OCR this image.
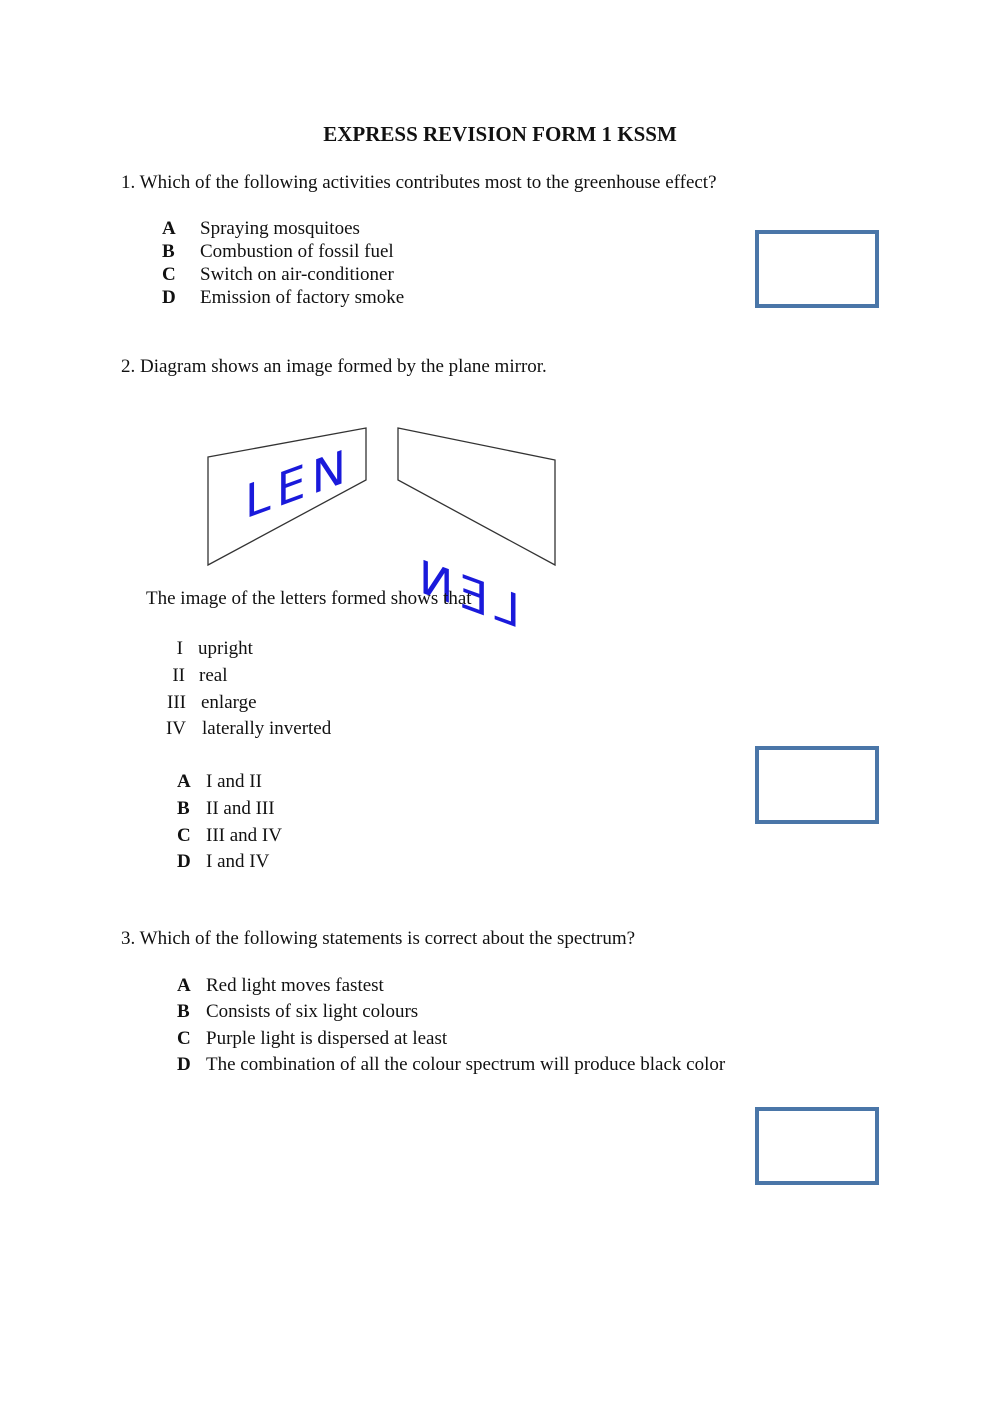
EXPRESS REVISION FORM 1 KSSM
1. Which of the following activities contributes most to the greenhouse effect?
A Spraying mosquitoes
B Combustion of fossil fuel
C Switch on air-conditioner
D Emission of factory smoke
2. Diagram shows an image formed by the plane mirror.
LEN
LEN
The image of the letters formed shows that
I upright
II real
III enlarge
IV laterally inverted
A I and II
B II and III
C III and IV
D I and IV
3. Which of the following statements is correct about the spectrum?
A Red light moves fastest
B Consists of six light colours
C Purple light is dispersed at least
D The combination of all the colour spectrum will produce black color
